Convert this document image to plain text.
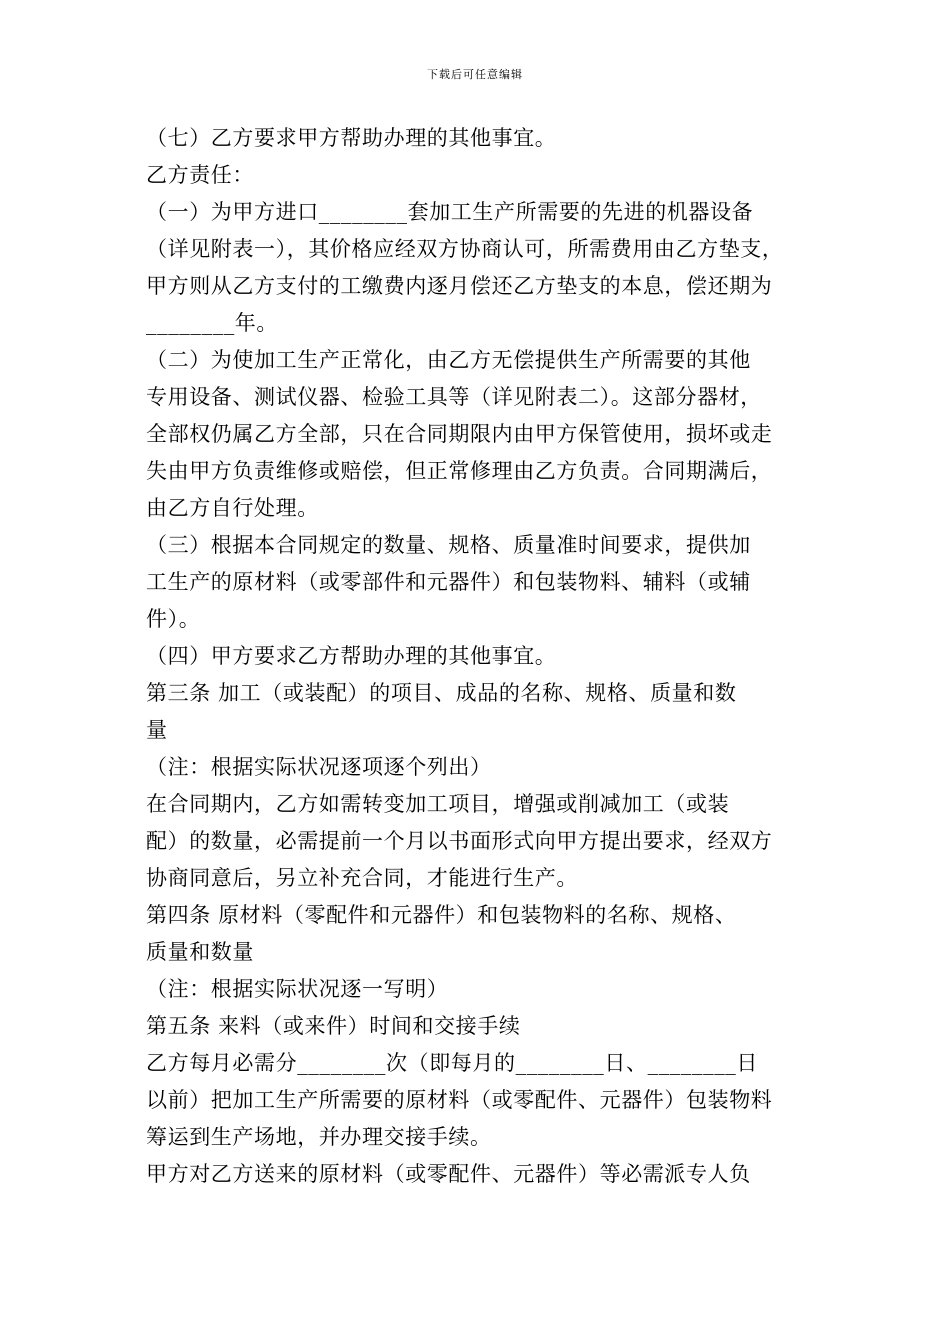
下载后可任意编辑
（七）乙方要求甲方帮助办理的其他事宜。
乙方责任：
（一）为甲方进口________套加工生产所需要的先进的机器设备
（详见附表一），其价格应经双方协商认可，所需费用由乙方垫支，
甲方则从乙方支付的工缴费内逐月偿还乙方垫支的本息，偿还期为
________年。
（二）为使加工生产正常化，由乙方无偿提供生产所需要的其他
专用设备、测试仪器、检验工具等（详见附表二）。这部分器材，
全部权仍属乙方全部，只在合同期限内由甲方保管使用，损坏或走
失由甲方负责维修或赔偿，但正常修理由乙方负责。合同期满后，
由乙方自行处理。
（三）根据本合同规定的数量、规格、质量准时间要求，提供加
工生产的原材料（或零部件和元器件）和包装物料、辅料（或辅
件）。
（四）甲方要求乙方帮助办理的其他事宜。
第三条 加工（或装配）的项目、成品的名称、规格、质量和数
量
（注：根据实际状况逐项逐个列出）
在合同期内，乙方如需转变加工项目，增强或削减加工（或装
配）的数量，必需提前一个月以书面形式向甲方提出要求，经双方
协商同意后，另立补充合同，才能进行生产。
第四条 原材料（零配件和元器件）和包装物料的名称、规格、
质量和数量
（注：根据实际状况逐一写明）
第五条 来料（或来件）时间和交接手续
乙方每月必需分________次（即每月的________日、________日
以前）把加工生产所需要的原材料（或零配件、元器件）包装物料
筹运到生产场地，并办理交接手续。
甲方对乙方送来的原材料（或零配件、元器件）等必需派专人负
